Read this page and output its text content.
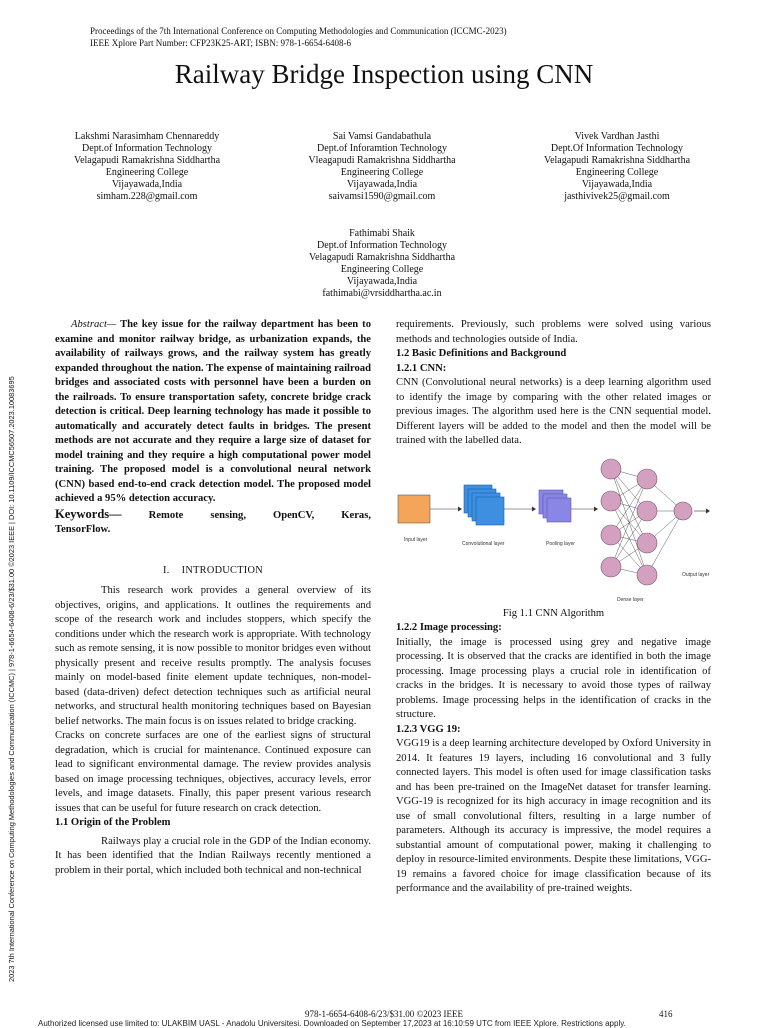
Proceedings of the 7th International Conference on Computing Methodologies and Communication (ICCMC-2023)
IEEE Xplore Part Number: CFP23K25-ART; ISBN: 978-1-6654-6408-6
Railway Bridge Inspection using CNN
Lakshmi Narasimham Chennareddy
Dept.of Information Technology
Velagapudi Ramakrishna Siddhartha
Engineering College
Vijayawada,India
simham.228@gmail.com
Sai Vamsi Gandabathula
Dept.of Inforamtion Technology
Vleagapudi Ramakrishna Siddhartha
Engineering College
Vijayawada,India
saivamsi1590@gmail.com
Vivek Vardhan Jasthi
Dept.Of Information Technology
Velagapudi Ramakrishna Siddhartha
Engineering College
Vijayawada,India
jasthivivek25@gmail.com
Fathimabi Shaik
Dept.of Information Technology
Velagapudi Ramakrishna Siddhartha
Engineering College
Vijayawada,India
fathimabi@vrsiddhartha.ac.in
2023 7th International Conference on Computing Methodologies and Communication (ICCMC) | 978-1-6654-6408-6/23/$31.00 ©2023 IEEE | DOI: 10.1109/ICCMC56507.2023.10083695

Abstract— The key issue for the railway department has been to examine and monitor railway bridge, as urbanization expands, the availability of railways grows, and the railway system has greatly expanded throughout the nation. The expense of maintaining railroad bridges and associated costs with personnel have been a burden on the railroads. To ensure transportation safety, concrete bridge crack detection is critical. Deep learning technology has made it possible to automatically and accurately detect faults in bridges. The present methods are not accurate and they require a large size of dataset for model training and they require a high computational power model training. The proposed model is a convolutional neural network (CNN) based end-to-end crack detection model. The proposed model achieved a 95% detection accuracy.

Keywords— Remote sensing, OpenCV, Keras, TensorFlow.

I. INTRODUCTION

This research work provides a general overview of its objectives, origins, and applications. It outlines the requirements and scope of the research work and includes stoppers, which specify the conditions under which the research work is appropriate. With technology such as remote sensing, it is now possible to monitor bridges even without physically present and receive results promptly. The analysis focuses mainly on model-based finite element update techniques, non-model-based (data-driven) defect detection techniques such as artificial neural networks, and structural health monitoring techniques based on Bayesian belief networks. The main focus is on issues related to bridge cracking.

Cracks on concrete surfaces are one of the earliest signs of structural degradation, which is crucial for maintenance. Continued exposure can lead to significant environmental damage. The review provides analysis based on image processing techniques, objectives, accuracy levels, error levels, and image datasets. Finally, this paper present various research issues that can be useful for future research on crack detection.

1.1 Origin of the Problem

Railways play a crucial role in the GDP of the Indian economy. It has been identified that the Indian Railways recently mentioned a problem in their portal, which included both technical and non-technical

requirements. Previously, such problems were solved using various methods and technologies outside of India.

1.2 Basic Definitions and Background

1.2.1 CNN:

CNN (Convolutional neural networks) is a deep learning algorithm used to identify the image by comparing with the other related images or previous images. The algorithm used here is the CNN sequential model. Different layers will be added to the model and then the model will be trained with the labelled data.

Input layer
Convolutional layer	Pooling layer
Dense layer
Output layer

Fig 1.1 CNN Algorithm

1.2.2 Image processing:

Initially, the image is processed using grey and negative image processing. It is observed that the cracks are identified in both the image processing. Image processing plays a crucial role in identification of cracks in the bridges. It is necessary to avoid those types of railway problems. Image processing helps in the identification of cracks in the structure.

1.2.3 VGG 19:

VGG19 is a deep learning architecture developed by Oxford University in 2014. It features 19 layers, including 16 convolutional and 3 fully connected layers. This model is often used for image classification tasks and has been pre-trained on the ImageNet dataset for transfer learning. VGG-19 is recognized for its high accuracy in image recognition and its use of small convolutional filters, resulting in a large number of parameters. Although its accuracy is impressive, the model requires a substantial amount of computational power, making it challenging to deploy in resource-limited environments. Despite these limitations, VGG-19 remains a favored choice for image classification because of its performance and the availability of pre-trained weights.

978-1-6654-6408-6/23/$31.00 ©2023 IEEE	416
Authorized licensed use limited to: ULAKBIM UASL - Anadolu Universitesi. Downloaded on September 17,2023 at 16:10:59 UTC from IEEE Xplore. Restrictions apply.
